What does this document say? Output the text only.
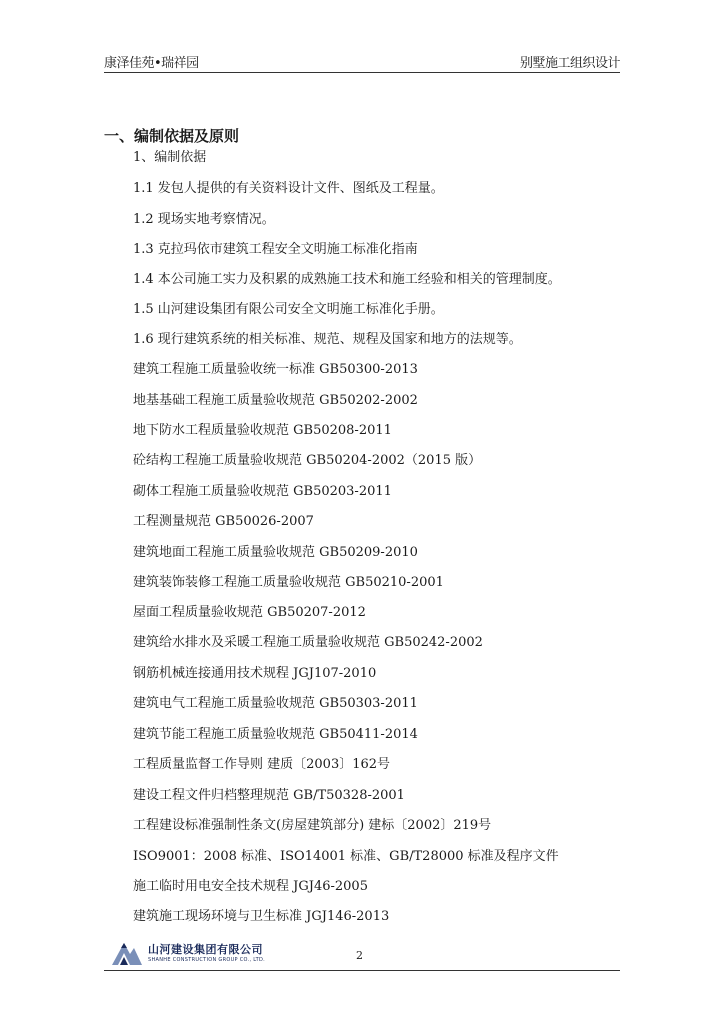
康泽佳苑•瑞祥园	别墅施工组织设计
一、编制依据及原则
1、编制依据
1.1 发包人提供的有关资料设计文件、图纸及工程量。
1.2 现场实地考察情况。
1.3 克拉玛依市建筑工程安全文明施工标准化指南
1.4 本公司施工实力及积累的成熟施工技术和施工经验和相关的管理制度。
1.5 山河建设集团有限公司安全文明施工标准化手册。
1.6 现行建筑系统的相关标准、规范、规程及国家和地方的法规等。
建筑工程施工质量验收统一标准 GB50300-2013
地基基础工程施工质量验收规范 GB50202-2002
地下防水工程质量验收规范 GB50208-2011
砼结构工程施工质量验收规范 GB50204-2002（2015 版）
砌体工程施工质量验收规范 GB50203-2011
工程测量规范 GB50026-2007
建筑地面工程施工质量验收规范 GB50209-2010
建筑装饰装修工程施工质量验收规范 GB50210-2001
屋面工程质量验收规范 GB50207-2012
建筑给水排水及采暖工程施工质量验收规范 GB50242-2002
钢筋机械连接通用技术规程 JGJ107-2010
建筑电气工程施工质量验收规范 GB50303-2011
建筑节能工程施工质量验收规范 GB50411-2014
工程质量监督工作导则 建质〔2003〕162号
建设工程文件归档整理规范 GB/T50328-2001
工程建设标准强制性条文(房屋建筑部分) 建标〔2002〕219号
ISO9001：2008 标准、ISO14001 标准、GB/T28000 标准及程序文件
施工临时用电安全技术规程 JGJ46-2005
建筑施工现场环境与卫生标准 JGJ146-2013
山河建设集团有限公司
SHANHE CONSTRUCTION GROUP CO., LTD.	2
